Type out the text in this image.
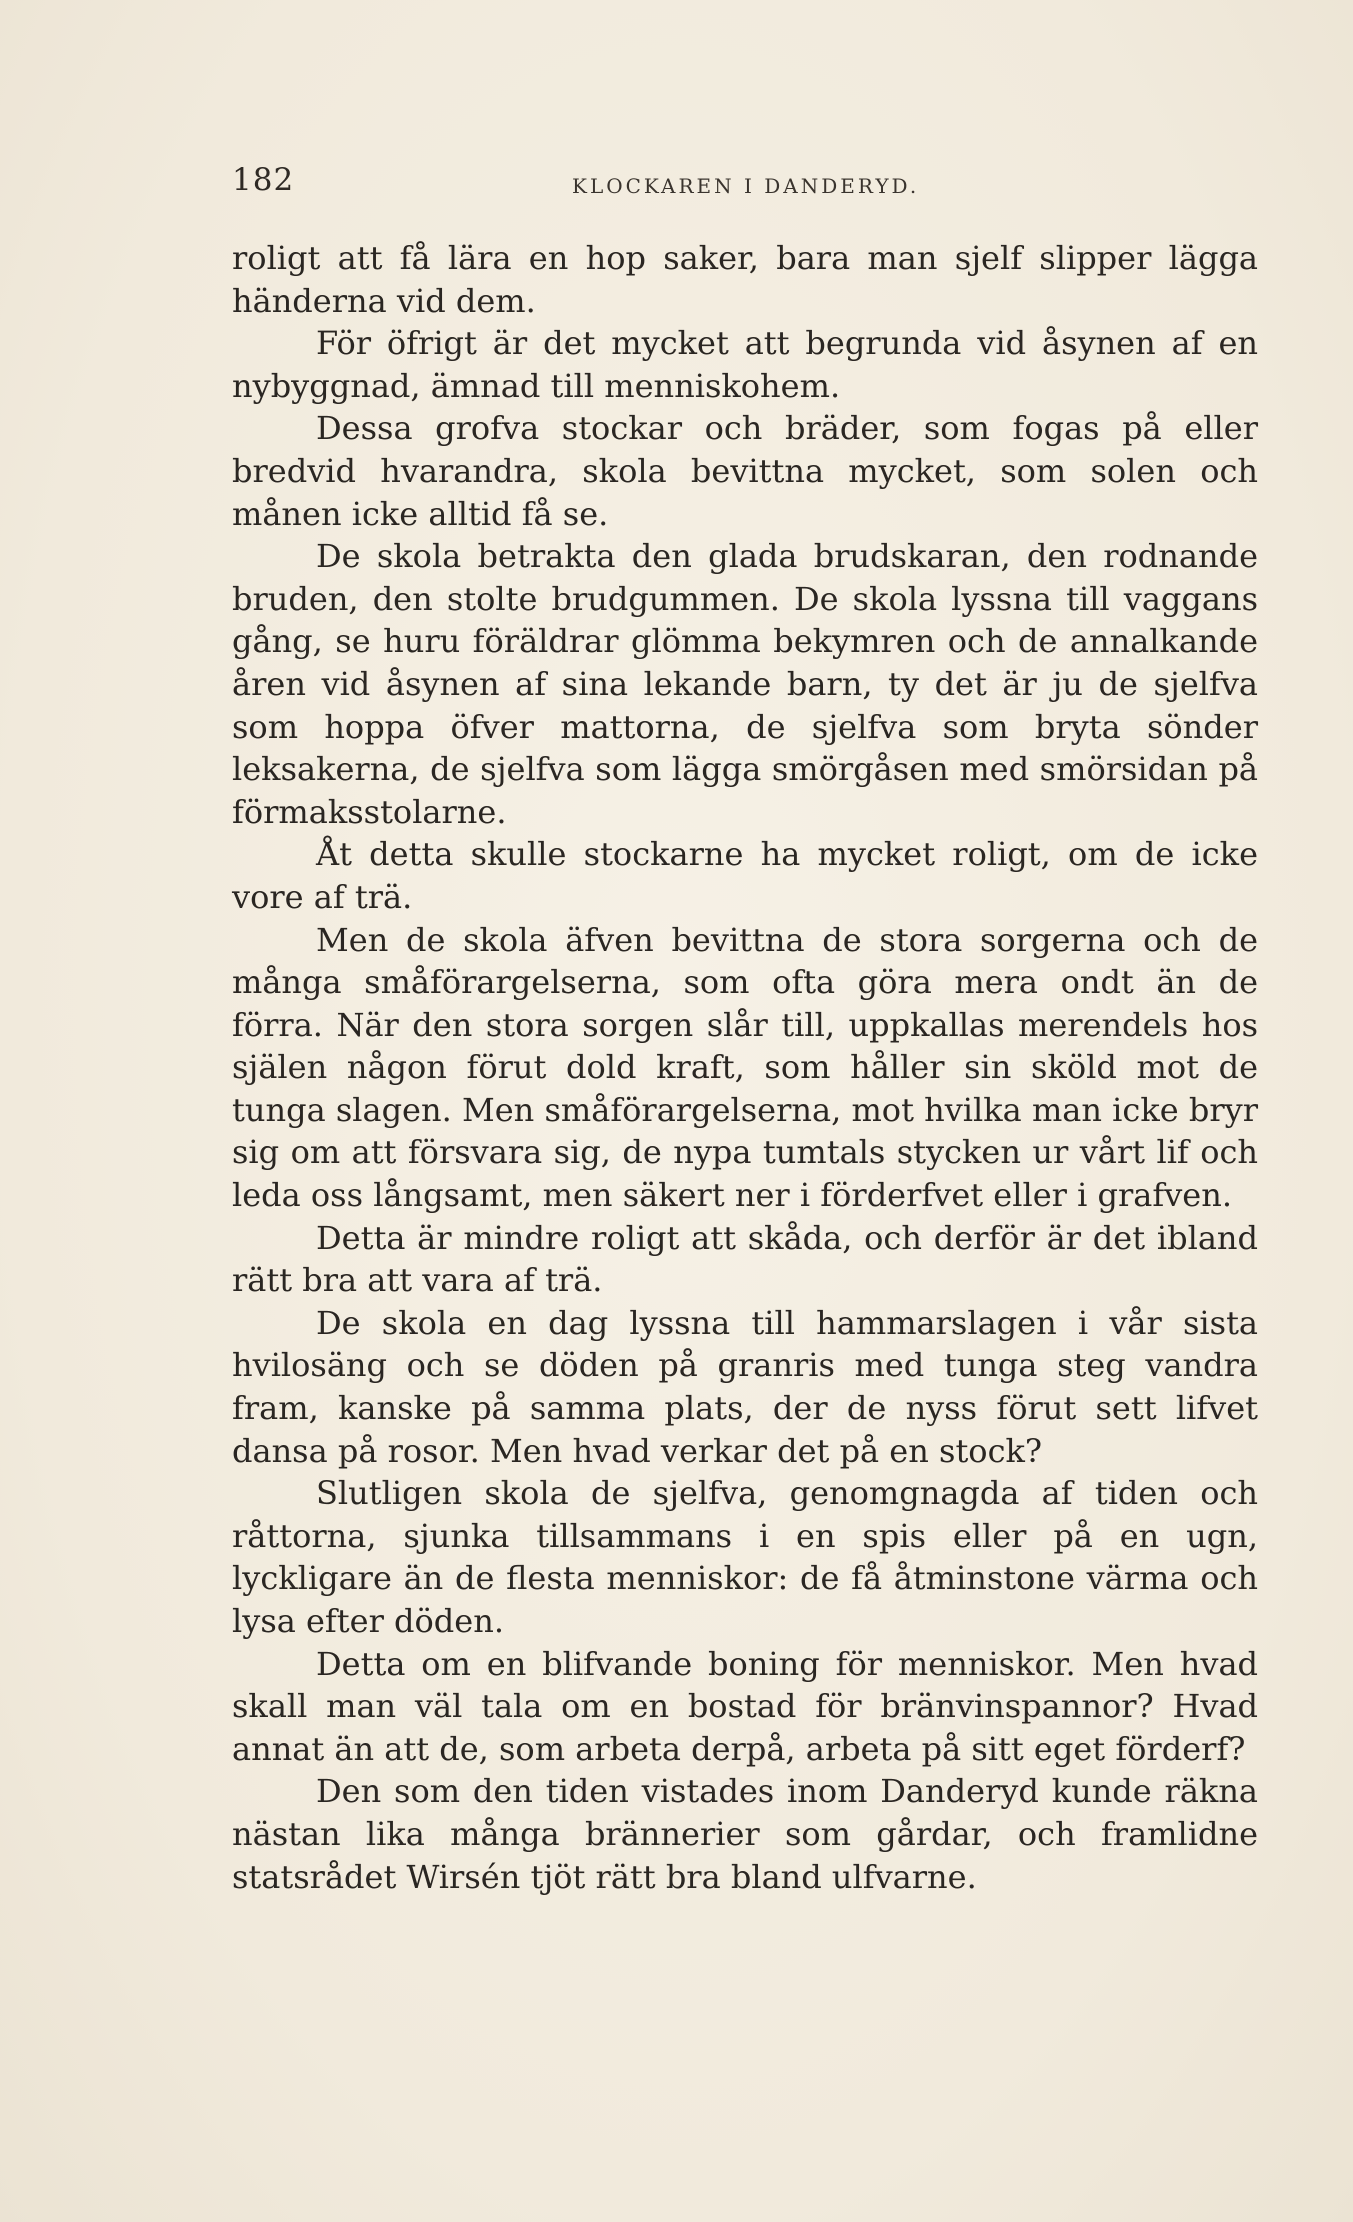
182	KLOCKAREN I DANDERYD.

roligt att få lära en hop saker, bara man sjelf slipper lägga händerna vid dem.

För öfrigt är det mycket att begrunda vid åsynen af en nybyggnad, ämnad till menniskohem.

Dessa grofva stockar och bräder, som fogas på eller bredvid hvarandra, skola bevittna mycket, som solen och månen icke alltid få se.

De skola betrakta den glada brudskaran, den rodnande bruden, den stolte brudgummen. De skola lyssna till vaggans gång, se huru föräldrar glömma bekymren och de annalkande åren vid åsynen af sina lekande barn, ty det är ju de sjelfva som hoppa öfver mattorna, de sjelfva som bryta sönder leksakerna, de sjelfva som lägga smörgåsen med smörsidan på förmaksstolarne.

Åt detta skulle stockarne ha mycket roligt, om de icke vore af trä.

Men de skola äfven bevittna de stora sorgerna och de många småförargelserna, som ofta göra mera ondt än de förra. När den stora sorgen slår till, uppkallas merendels hos själen någon förut dold kraft, som håller sin sköld mot de tunga slagen. Men småförargelserna, mot hvilka man icke bryr sig om att försvara sig, de nypa tumtals stycken ur vårt lif och leda oss långsamt, men säkert ner i förderfvet eller i grafven.

Detta är mindre roligt att skåda, och derför är det ibland rätt bra att vara af trä.

De skola en dag lyssna till hammarslagen i vår sista hvilosäng och se döden på granris med tunga steg vandra fram, kanske på samma plats, der de nyss förut sett lifvet dansa på rosor. Men hvad verkar det på en stock?

Slutligen skola de sjelfva, genomgnagda af tiden och råttorna, sjunka tillsammans i en spis eller på en ugn, lyckligare än de flesta menniskor: de få åtminstone värma och lysa efter döden.

Detta om en blifvande boning för menniskor. Men hvad skall man väl tala om en bostad för bränvinspannor? Hvad annat än att de, som arbeta derpå, arbeta på sitt eget förderf?

Den som den tiden vistades inom Danderyd kunde räkna nästan lika många brännerier som gårdar, och framlidne statsrådet Wirsén tjöt rätt bra bland ulfvarne.
